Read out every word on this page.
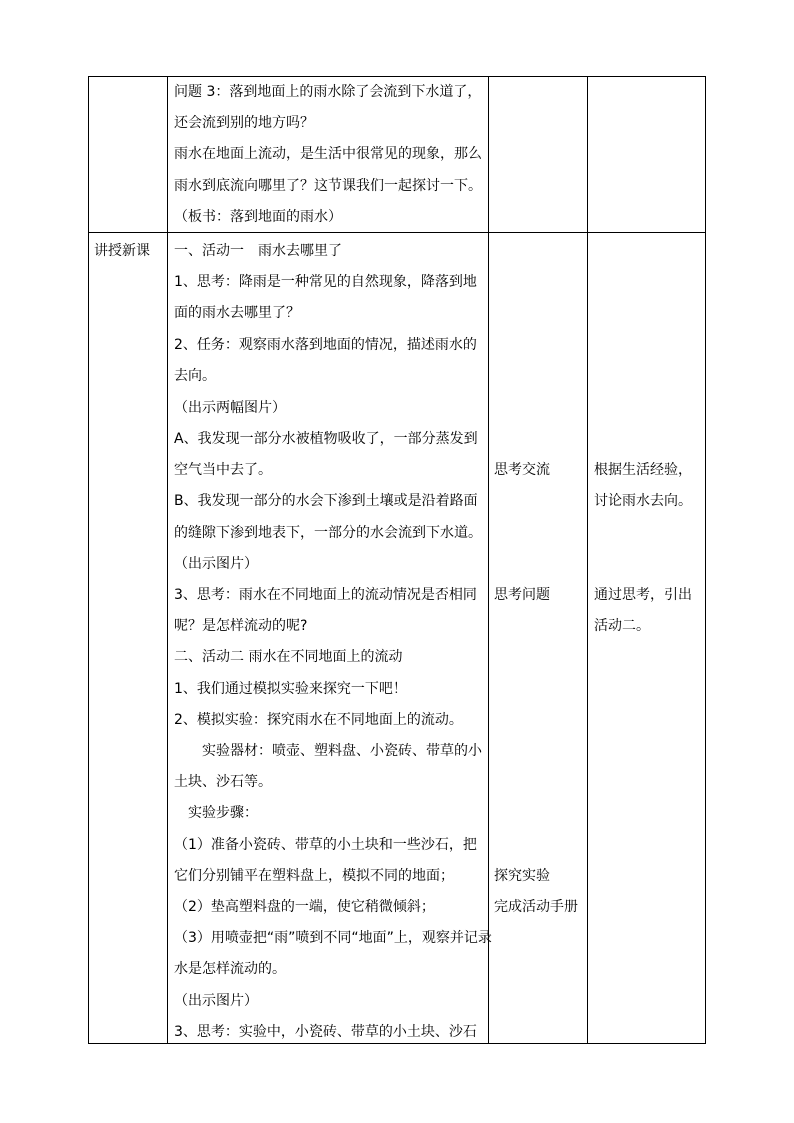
问题 3：落到地面上的雨水除了会流到下水道了，
还会流到别的地方吗？
雨水在地面上流动，是生活中很常见的现象，那么
雨水到底流向哪里了？这节课我们一起探讨一下。
（板书：落到地面的雨水）
讲授新课 一、活动一　雨水去哪里了
1、思考：降雨是一种常见的自然现象，降落到地
面的雨水去哪里了？
2、任务：观察雨水落到地面的情况，描述雨水的
去向。
（出示两幅图片）
A、我发现一部分水被植物吸收了，一部分蒸发到
空气当中去了。
B、我发现一部分的水会下渗到土壤或是沿着路面
的缝隙下渗到地表下，一部分的水会流到下水道。
（出示图片）
3、思考：雨水在不同地面上的流动情况是否相同
呢？是怎样流动的呢?
二、活动二 雨水在不同地面上的流动
1、我们通过模拟实验来探究一下吧！
2、模拟实验：探究雨水在不同地面上的流动。
　　实验器材：喷壶、塑料盘、小瓷砖、带草的小
土块、沙石等。
　实验步骤：
（1）准备小瓷砖、带草的小土块和一些沙石，把
它们分别铺平在塑料盘上，模拟不同的地面；
（2）垫高塑料盘的一端，使它稍微倾斜；
（3）用喷壶把“雨”喷到不同“地面”上，观察并记录
水是怎样流动的。
（出示图片）
3、思考：实验中，小瓷砖、带草的小土块、沙石
思考交流
思考问题
探究实验
完成活动手册
根据生活经验，
讨论雨水去向。
通过思考，引出
活动二。
